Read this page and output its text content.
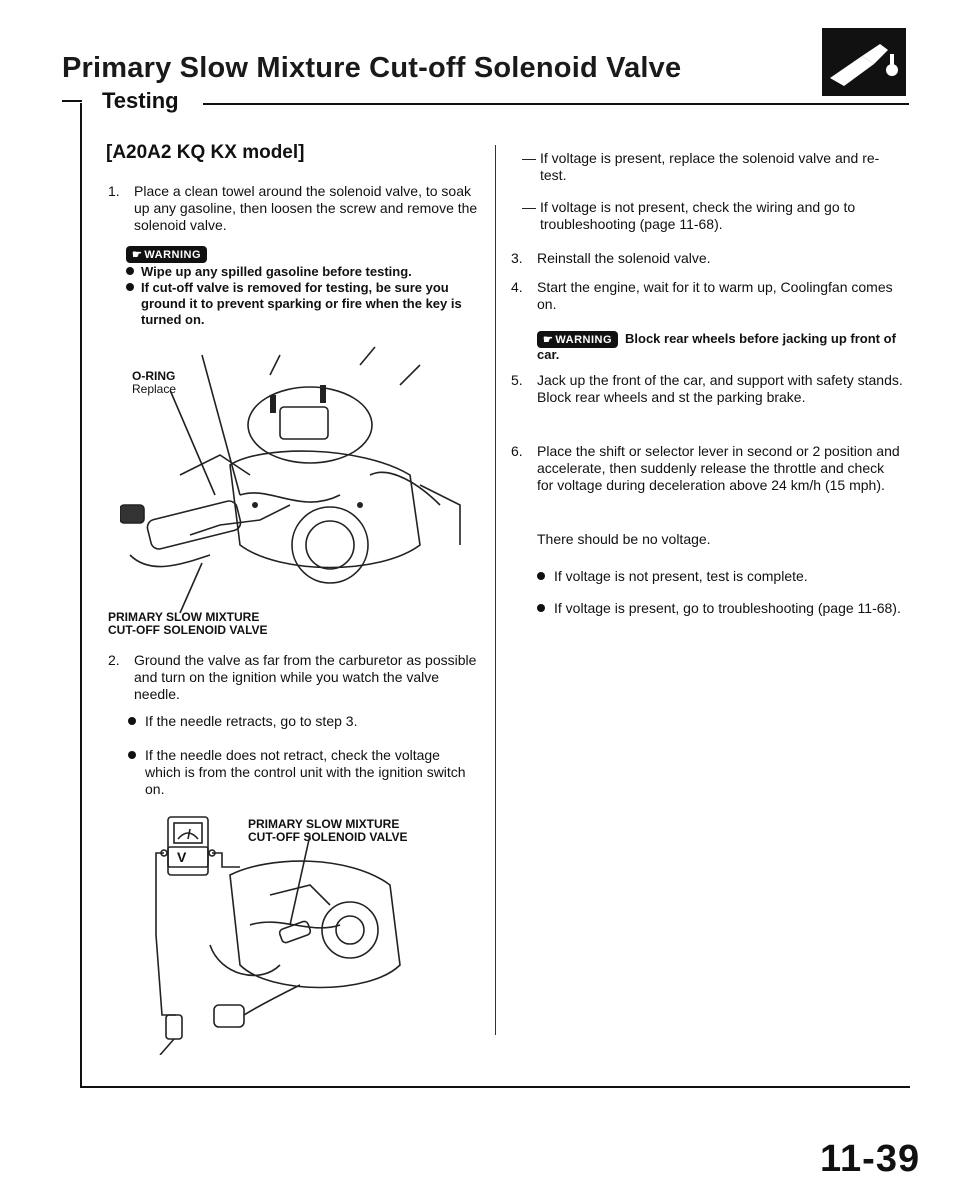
Primary Slow Mixture Cut-off Solenoid Valve
Testing
[A20A2 KQ KX model]
1. Place a clean towel around the solenoid valve, to soak up any gasoline, then loosen the screw and remove the solenoid valve.
☛ WARNING
Wipe up any spilled gasoline before testing.
If cut-off valve is removed for testing, be sure you ground it to prevent sparking or fire when the key is turned on.
O-RING
Replace
PRIMARY SLOW MIXTURE
CUT-OFF SOLENOID VALVE
2. Ground the valve as far from the carburetor as possible and turn on the ignition while you watch the valve needle.
If the needle retracts, go to step 3.
If the needle does not retract, check the voltage which is from the control unit with the ignition switch on.
PRIMARY SLOW MIXTURE
CUT-OFF SOLENOID VALVE
V
— If voltage is present, replace the solenoid valve and re-test.
— If voltage is not present, check the wiring and go to troubleshooting (page 11-68).
3. Reinstall the solenoid valve.
4. Start the engine, wait for it to warm up, Coolingfan comes on.
☛ WARNING Block rear wheels before jacking up front of car.
5. Jack up the front of the car, and support with safety stands. Block rear wheels and st the parking brake.
6. Place the shift or selector lever in second or 2 position and accelerate, then suddenly release the throttle and check for voltage during deceleration above 24 km/h (15 mph).
There should be no voltage.
If voltage is not present, test is complete.
If voltage is present, go to troubleshooting (page 11-68).
11-39
